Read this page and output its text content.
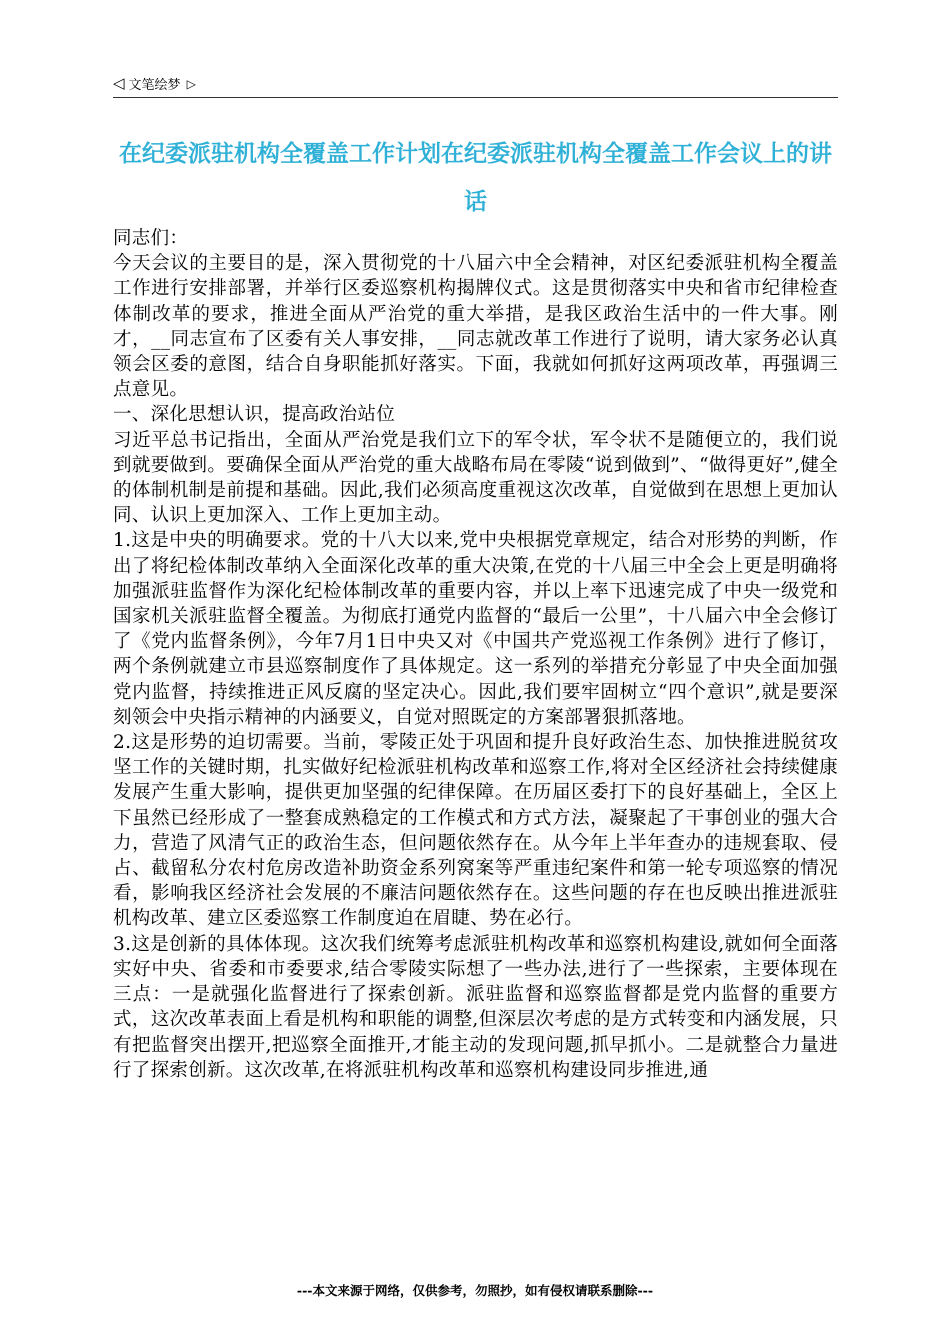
◁ 文笔绘梦 ▷
在纪委派驻机构全覆盖工作计划在纪委派驻机构全覆盖工作会议上的讲话

同志们：

今天会议的主要目的是，深入贯彻党的十八届六中全会精神，对区纪委派驻机构全覆盖工作进行安排部署，并举行区委巡察机构揭牌仪式。这是贯彻落实中央和省市纪律检查体制改革的要求，推进全面从严治党的重大举措，是我区政治生活中的一件大事。刚才，__同志宣布了区委有关人事安排，__同志就改革工作进行了说明，请大家务必认真领会区委的意图，结合自身职能抓好落实。下面，我就如何抓好这两项改革，再强调三点意见。

一、深化思想认识，提高政治站位

习近平总书记指出，全面从严治党是我们立下的军令状，军令状不是随便立的，我们说到就要做到。要确保全面从严治党的重大战略布局在零陵“说到做到”、“做得更好”,健全的体制机制是前提和基础。因此,我们必须高度重视这次改革，自觉做到在思想上更加认同、认识上更加深入、工作上更加主动。

1.这是中央的明确要求。党的十八大以来,党中央根据党章规定，结合对形势的判断，作出了将纪检体制改革纳入全面深化改革的重大决策,在党的十八届三中全会上更是明确将加强派驻监督作为深化纪检体制改革的重要内容，并以上率下迅速完成了中央一级党和国家机关派驻监督全覆盖。为彻底打通党内监督的“最后一公里”，十八届六中全会修订了《党内监督条例》，今年7月1日中央又对《中国共产党巡视工作条例》进行了修订，两个条例就建立市县巡察制度作了具体规定。这一系列的举措充分彰显了中央全面加强党内监督，持续推进正风反腐的坚定决心。因此,我们要牢固树立“四个意识”,就是要深刻领会中央指示精神的内涵要义，自觉对照既定的方案部署狠抓落地。

2.这是形势的迫切需要。当前，零陵正处于巩固和提升良好政治生态、加快推进脱贫攻坚工作的关键时期，扎实做好纪检派驻机构改革和巡察工作,将对全区经济社会持续健康发展产生重大影响，提供更加坚强的纪律保障。在历届区委打下的良好基础上，全区上下虽然已经形成了一整套成熟稳定的工作模式和方式方法，凝聚起了干事创业的强大合力，营造了风清气正的政治生态，但问题依然存在。从今年上半年查办的违规套取、侵占、截留私分农村危房改造补助资金系列窝案等严重违纪案件和第一轮专项巡察的情况看，影响我区经济社会发展的不廉洁问题依然存在。这些问题的存在也反映出推进派驻机构改革、建立区委巡察工作制度迫在眉睫、势在必行。

3.这是创新的具体体现。这次我们统筹考虑派驻机构改革和巡察机构建设,就如何全面落实好中央、省委和市委要求,结合零陵实际想了一些办法,进行了一些探索，主要体现在三点：一是就强化监督进行了探索创新。派驻监督和巡察监督都是党内监督的重要方式，这次改革表面上看是机构和职能的调整,但深层次考虑的是方式转变和内涵发展，只有把监督突出摆开,把巡察全面推开,才能主动的发现问题,抓早抓小。二是就整合力量进行了探索创新。这次改革,在将派驻机构改革和巡察机构建设同步推进,通

---本文来源于网络，仅供参考，勿照抄，如有侵权请联系删除---
